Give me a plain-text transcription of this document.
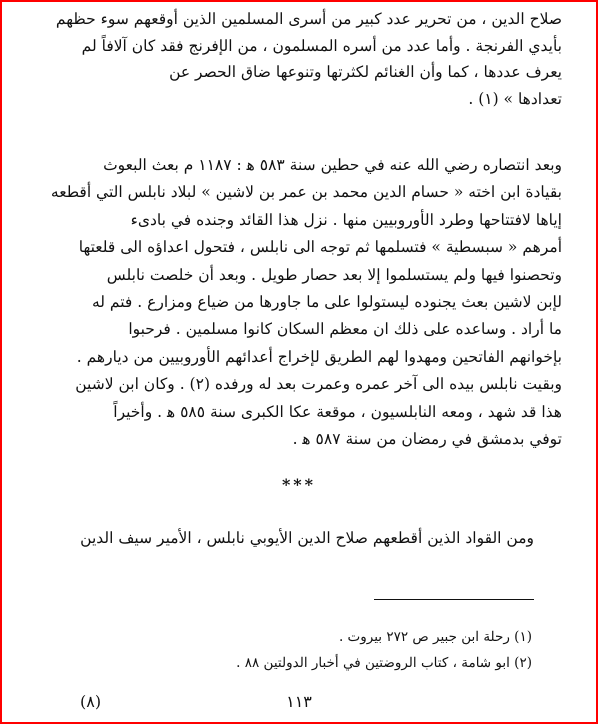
صلاح الدين ، من تحرير عدد كبير من أسرى المسلمين الذين أوقعهم سوء حظهم

بأيدي الفرنجة . وأما عدد من أسره المسلمون ، من الإفرنج فقد كان آلافاً لم

يعرف عددها ، كما وأن الغنائم لكثرتها وتنوعها ضاق الحصر عن

تعدادها » (١) .

وبعد انتصاره رضي الله عنه في حطين سنة ٥٨٣ ﻫ : ١١٨٧ م بعث البعوث

بقيادة ابن اخته « حسام الدين محمد بن عمر بن لاشين » لبلاد نابلس التي أقطعه

إياها لافتتاحها وطرد الأوروبيين منها . نزل هذا القائد وجنده في بادىء

أمرهم « سبسطية » فتسلمها ثم توجه الى نابلس ، فتحول اعداؤه الى قلعتها

وتحصنوا فيها ولم يستسلموا إلا بعد حصار طويل . وبعد أن خلصت نابلس

لإبن لاشين بعث يجنوده ليستولوا على ما جاورها من ضياع ومزارع . فتم له

ما أراد . وساعده على ذلك ان معظم السكان كانوا مسلمين . فرحبوا

بإخوانهم الفاتحين ومهدوا لهم الطريق لإخراج أعدائهم الأوروبيين من ديارهم .

وبقيت نابلس بيده الى آخر عمره وعمرت بعد له ورفده (٢) . وكان ابن لاشين

هذا قد شهد ، ومعه النابلسيون ، موقعة عكا الكبرى سنة ٥٨٥ ﻫ . وأخيراً

توفي بدمشق في رمضان من سنة ٥٨٧ ﻫ .

***
ومن القواد الذين أقطعهم صلاح الدين الأيوبي نابلس ، الأمير سيف الدين

(١) رحلة ابن جبير ص ٢٧٢ بيروت .

(٢) ابو شامة ، كتاب الروضتين في أخبار الدولتين ٨٨ .

(٨)	١١٣
